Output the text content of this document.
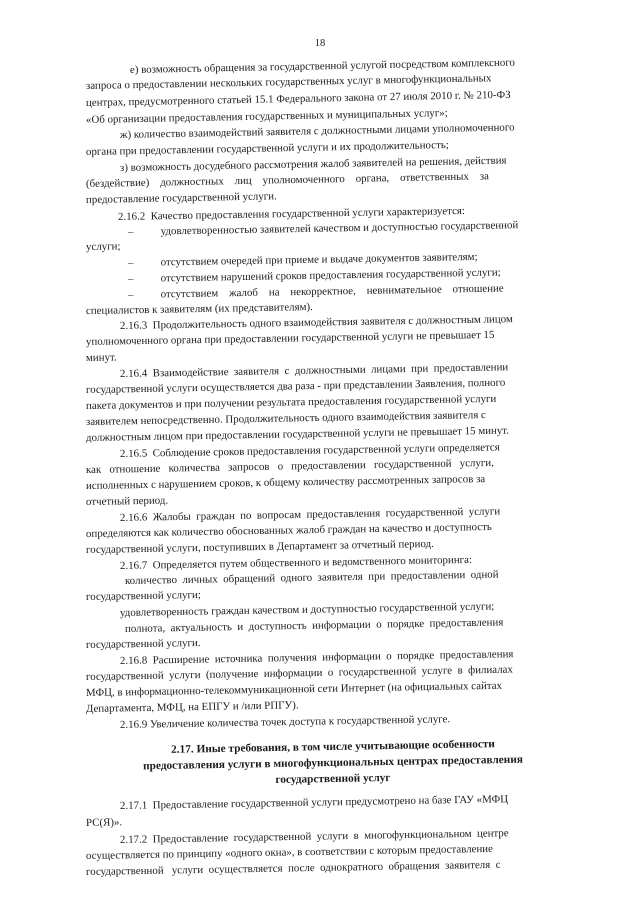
18
е) возможность обращения за государственной услугой посредством комплексного
запроса о предоставлении нескольких государственных услуг в многофункциональных
центрах, предусмотренного статьей 15.1 Федерального закона от 27 июля 2010 г. № 210-ФЗ
«Об организации предоставления государственных и муниципальных услуг»;
ж) количество взаимодействий заявителя с должностными лицами уполномоченного
органа при предоставлении государственной услуги и их продолжительность;
з) возможность досудебного рассмотрения жалоб заявителей на решения, действия
(бездействие)    должностных    лиц    уполномоченного    органа,    ответственных    за
предоставление государственной услуги.
2.16.2  Качество предоставления государственной услуги характеризуется:
–          удовлетворенностью заявителей качеством и доступностью государственной
услуги;
–          отсутствием очередей при приеме и выдаче документов заявителям;
–          отсутствием нарушений сроков предоставления государственной услуги;
–          отсутствием    жалоб    на    некорректное,    невнимательное    отношение
специалистов к заявителям (их представителям).
2.16.3  Продолжительность одного взаимодействия заявителя с должностным лицом
уполномоченного органа при предоставлении государственной услуги не превышает 15
минут.
2.16.4  Взаимодействие  заявителя  с  должностными  лицами  при  предоставлении
государственной услуги осуществляется два раза - при представлении Заявления, полного
пакета документов и при получении результата предоставления государственной услуги
заявителем непосредственно. Продолжительность одного взаимодействия заявителя с
должностным лицом при предоставлении государственной услуги не превышает 15 минут.
2.16.5  Соблюдение сроков предоставления государственной услуги определяется
как   отношение   количества   запросов   о   предоставлении   государственной   услуги,
исполненных с нарушением сроков, к общему количеству рассмотренных запросов за
отчетный период.
2.16.6  Жалобы  граждан  по  вопросам  предоставления  государственной  услуги
определяются как количество обоснованных жалоб граждан на качество и доступность
государственной услуги, поступивших в Департамент за отчетный период.
2.16.7  Определяется путем общественного и ведомственного мониторинга:
количество  личных  обращений  одного  заявителя  при  предоставлении  одной
государственной услуги;
удовлетворенность граждан качеством и доступностью государственной услуги;
полнота,  актуальность  и  доступность  информации  о  порядке  предоставления
государственной услуги.
2.16.8  Расширение  источника  получения  информации  о  порядке  предоставления
государственной  услуги  (получение  информации  о  государственной  услуге  в  филиалах
МФЦ, в информационно-телекоммуникационной сети Интернет (на официальных сайтах
Департамента, МФЦ, на ЕПГУ и /или РПГУ).
2.16.9 Увеличение количества точек доступа к государственной услуге.
2.17. Иные требования, в том числе учитывающие особенности
предоставления услуги в многофункциональных центрах предоставления
государственной услуг
2.17.1  Предоставление государственной услуги предусмотрено на базе ГАУ «МФЦ
РС(Я)».
2.17.2  Предоставление  государственной  услуги  в  многофункциональном  центре
осуществляется по принципу «одного окна», в соответствии с которым предоставление
государственной   услуги  осуществляется  после  однократного  обращения  заявителя  с
